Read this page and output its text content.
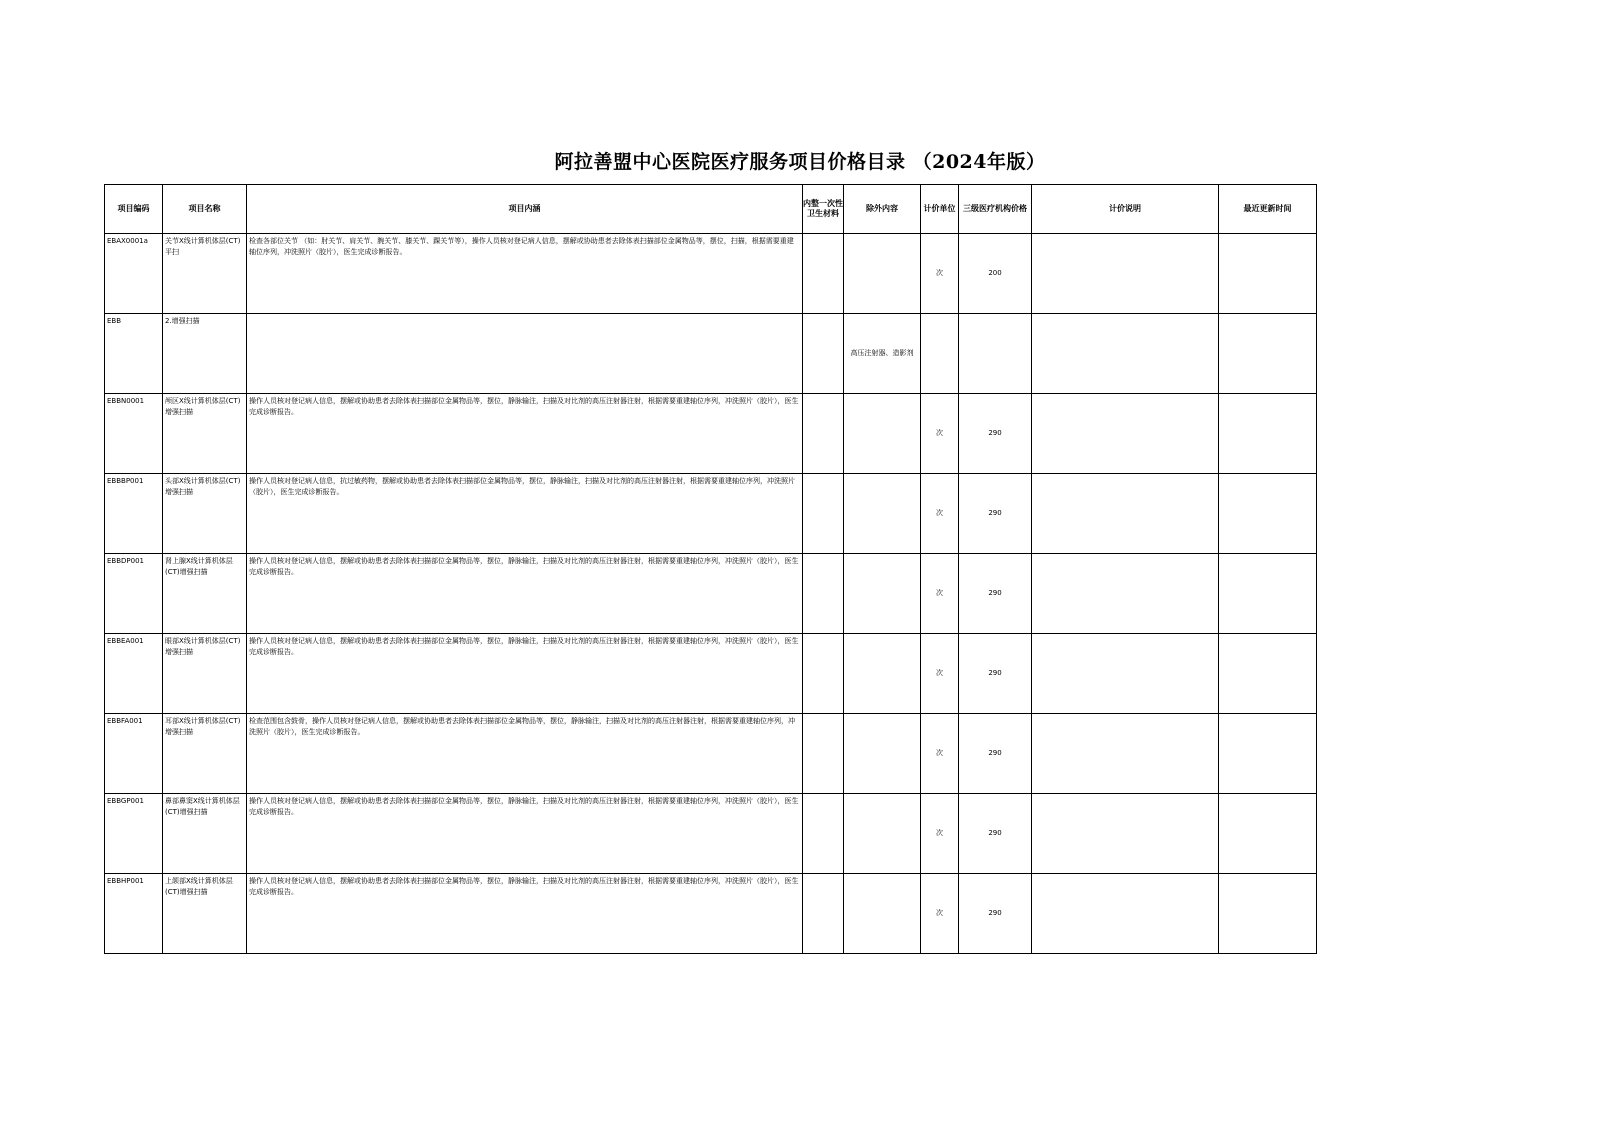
阿拉善盟中心医院医疗服务项目价格目录 （2024年版）
项目编码	项目名称	项目内涵	内整一次性卫生材料	除外内容	计价单位	三级医疗机构价格	计价说明	最近更新时间
EBAX0001a	关节X线计算机体层(CT)平扫	检查各部位关节 （如：肘关节、肩关节、腕关节、膝关节、踝关节等），操作人员核对登记病人信息，摆解或协助患者去除体表扫描部位金属物品等，摆位，扫描，根据需要重建轴位序列，冲洗照片（胶片），医生完成诊断报告。			次	200		
EBB	2.增强扫描			高压注射器、造影剂				
EBBN0001	颅区X线计算机体层(CT)增强扫描	操作人员核对登记病人信息，摆解或协助患者去除体表扫描部位金属物品等，摆位，静脉输注，扫描及对比剂的高压注射器注射，根据需要重建轴位序列，冲洗照片（胶片），医生完成诊断报告。			次	290		
EBBBP001	头部X线计算机体层(CT)增强扫描	操作人员核对登记病人信息，抗过敏药物，摆解或协助患者去除体表扫描部位金属物品等，摆位，静脉输注，扫描及对比剂的高压注射器注射，根据需要重建轴位序列，冲洗照片（胶片），医生完成诊断报告。			次	290		
EBBDP001	肾上腺X线计算机体层(CT)增强扫描	操作人员核对登记病人信息，摆解或协助患者去除体表扫描部位金属物品等，摆位，静脉输注，扫描及对比剂的高压注射器注射，根据需要重建轴位序列，冲洗照片（胶片），医生完成诊断报告。			次	290		
EBBEA001	眼部X线计算机体层(CT)增强扫描	操作人员核对登记病人信息，摆解或协助患者去除体表扫描部位金属物品等，摆位，静脉输注，扫描及对比剂的高压注射器注射，根据需要重建轴位序列，冲洗照片（胶片），医生完成诊断报告。			次	290		
EBBFA001	耳部X线计算机体层(CT)增强扫描	检查范围包含鼓骨，操作人员核对登记病人信息，摆解或协助患者去除体表扫描部位金属物品等，摆位，静脉输注，扫描及对比剂的高压注射器注射，根据需要重建轴位序列，冲洗照片（胶片），医生完成诊断报告。			次	290		
EBBGP001	鼻部鼻窦X线计算机体层(CT)增强扫描	操作人员核对登记病人信息，摆解或协助患者去除体表扫描部位金属物品等，摆位，静脉输注，扫描及对比剂的高压注射器注射，根据需要重建轴位序列，冲洗照片（胶片），医生完成诊断报告。			次	290		
EBBHP001	上颌部X线计算机体层(CT)增强扫描	操作人员核对登记病人信息，摆解或协助患者去除体表扫描部位金属物品等，摆位，静脉输注，扫描及对比剂的高压注射器注射，根据需要重建轴位序列，冲洗照片（胶片），医生完成诊断报告。			次	290		
